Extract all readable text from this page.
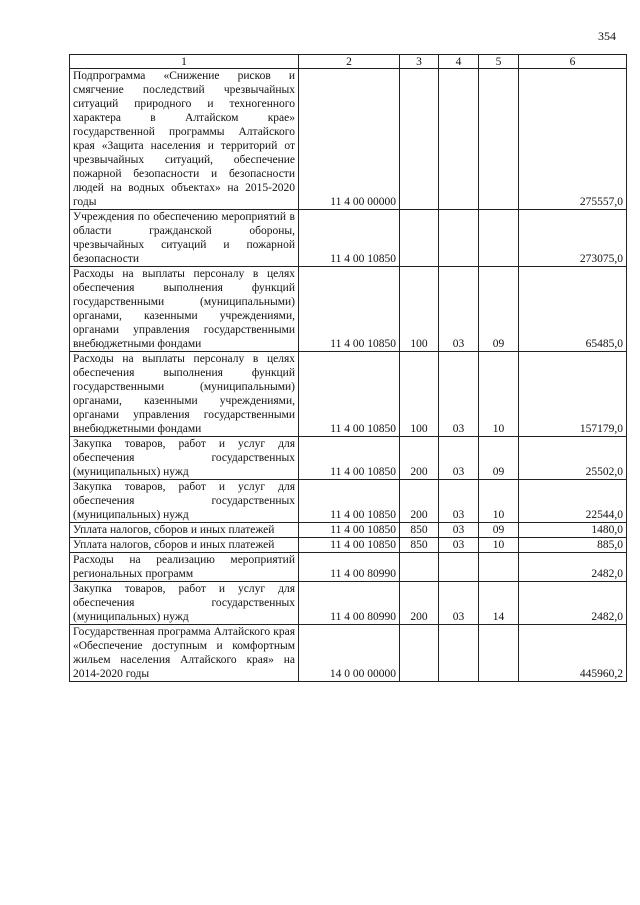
354
1	2	3	4	5	6
Подпрограмма «Снижение рисков и смягчение последствий чрезвычайных ситуаций природного и техногенного характера в Алтайском крае» государственной программы Алтайского края «Защита населения и территорий от чрезвычайных ситуаций, обеспечение пожарной безопасности и безопасности людей на водных объектах» на 2015-2020 годы	11 4 00 00000				275557,0
Учреждения по обеспечению мероприятий в области гражданской обороны, чрезвычайных ситуаций и пожарной безопасности	11 4 00 10850				273075,0
Расходы на выплаты персоналу в целях обеспечения выполнения функций государственными (муниципальными) органами, казенными учреждениями, органами управления государственными внебюджетными фондами	11 4 00 10850	100	03	09	65485,0
Расходы на выплаты персоналу в целях обеспечения выполнения функций государственными (муниципальными) органами, казенными учреждениями, органами управления государственными внебюджетными фондами	11 4 00 10850	100	03	10	157179,0
Закупка товаров, работ и услуг для обеспечения государственных (муниципальных) нужд	11 4 00 10850	200	03	09	25502,0
Закупка товаров, работ и услуг для обеспечения государственных (муниципальных) нужд	11 4 00 10850	200	03	10	22544,0
Уплата налогов, сборов и иных платежей	11 4 00 10850	850	03	09	1480,0
Уплата налогов, сборов и иных платежей	11 4 00 10850	850	03	10	885,0
Расходы на реализацию мероприятий региональных программ	11 4 00 80990				2482,0
Закупка товаров, работ и услуг для обеспечения государственных (муниципальных) нужд	11 4 00 80990	200	03	14	2482,0
Государственная программа Алтайского края «Обеспечение доступным и комфортным жильем населения Алтайского края» на 2014-2020 годы	14 0 00 00000				445960,2
